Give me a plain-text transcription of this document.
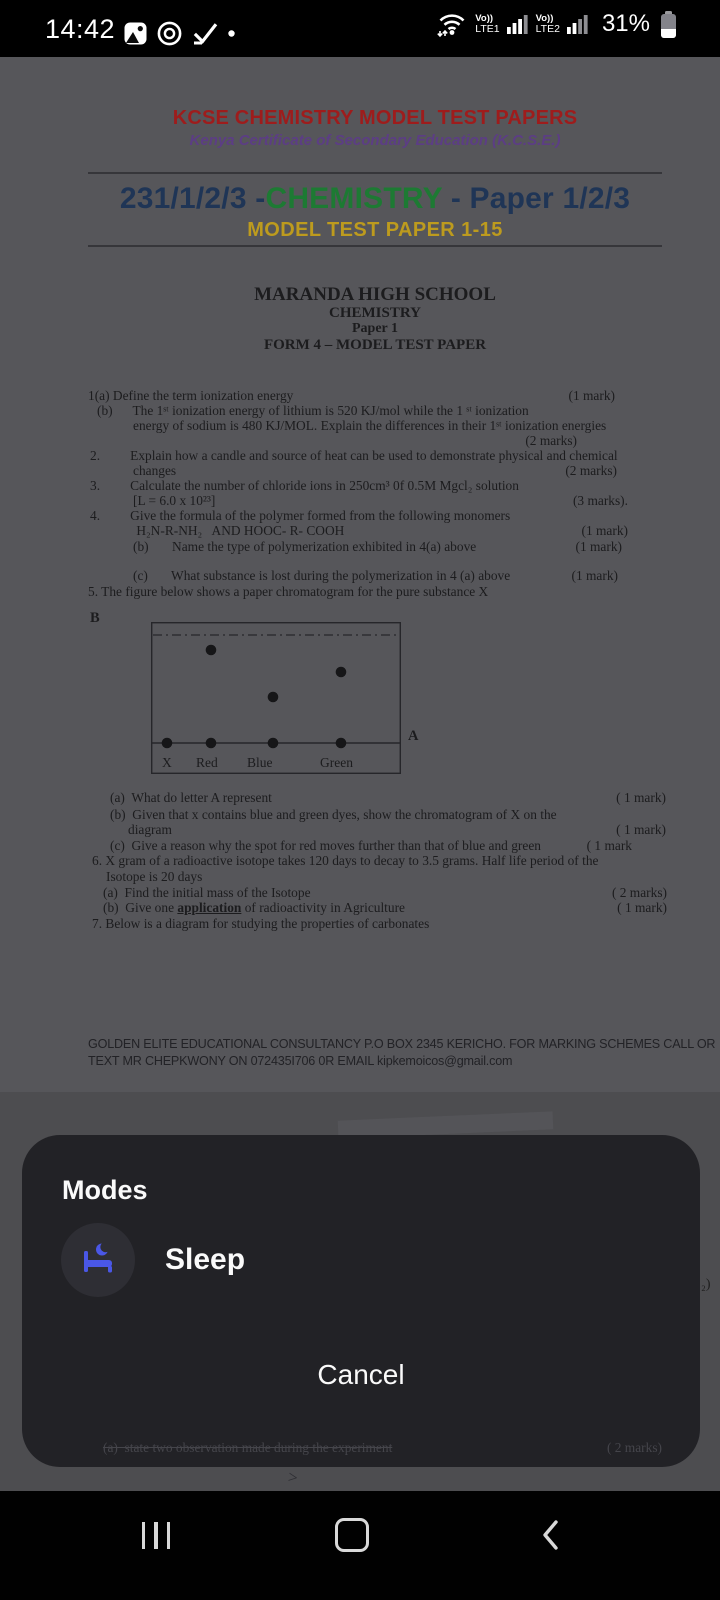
14:42	Vo))
LTE1
Vo))
LTE2 31%
KCSE CHEMISTRY MODEL TEST PAPERS
Kenya Certificate of Secondary Education (K.C.S.E.)
231/1/2/3 -CHEMISTRY - Paper 1/2/3
MODEL TEST PAPER 1-15
MARANDA HIGH SCHOOL
CHEMISTRY
Paper 1
FORM 4 – MODEL TEST PAPER
1(a) Define the term ionization energy	(1 mark)
(b)      The 1ˢᵗ ionization energy of lithium is 520 KJ/mol while the 1 ˢᵗ ionization
energy of sodium is 480 KJ/MOL. Explain the differences in their 1ˢᵗ ionization energies
(2 marks)
2.         Explain how a candle and source of heat can be used to demonstrate physical and chemical
changes	(2 marks)
3.         Calculate the number of chloride ions in 250cm³ 0f 0.5M Mgcl₂ solution
[L = 6.0 x 10²³]	(3 marks).
4.         Give the formula of the polymer formed from the following monomers
H₂N-R-NH₂   AND HOOC- R- COOH	(1 mark)
(b)       Name the type of polymerization exhibited in 4(a) above	(1 mark)
(c)       What substance is lost during the polymerization in 4 (a) above	(1 mark)
5. The figure below shows a paper chromatogram for the pure substance X
B
A
X Red Blue	Green
(a)  What do letter A represent	( 1 mark)
(b)  Given that x contains blue and green dyes, show the chromatogram of X on the
diagram	( 1 mark)
(c)  Give a reason why the spot for red moves further than that of blue and green	( 1 mark
6. X gram of a radioactive isotope takes 120 days to decay to 3.5 grams. Half life period of the
Isotope is 20 days
(a)  Find the initial mass of the Isotope	( 2 marks)
(b)  Give one application of radioactivity in Agriculture	( 1 mark)
7. Below is a diagram for studying the properties of carbonates
GOLDEN ELITE EDUCATIONAL CONSULTANCY P.O BOX 2345 KERICHO. FOR MARKING SCHEMES CALL OR
TEXT MR CHEPKWONY ON 072435I706 0R EMAIL kipkemoicos@gmail.com
₂)
>
Modes
Sleep
Cancel
(a)  state two observation made during the experiment	( 2 marks)
